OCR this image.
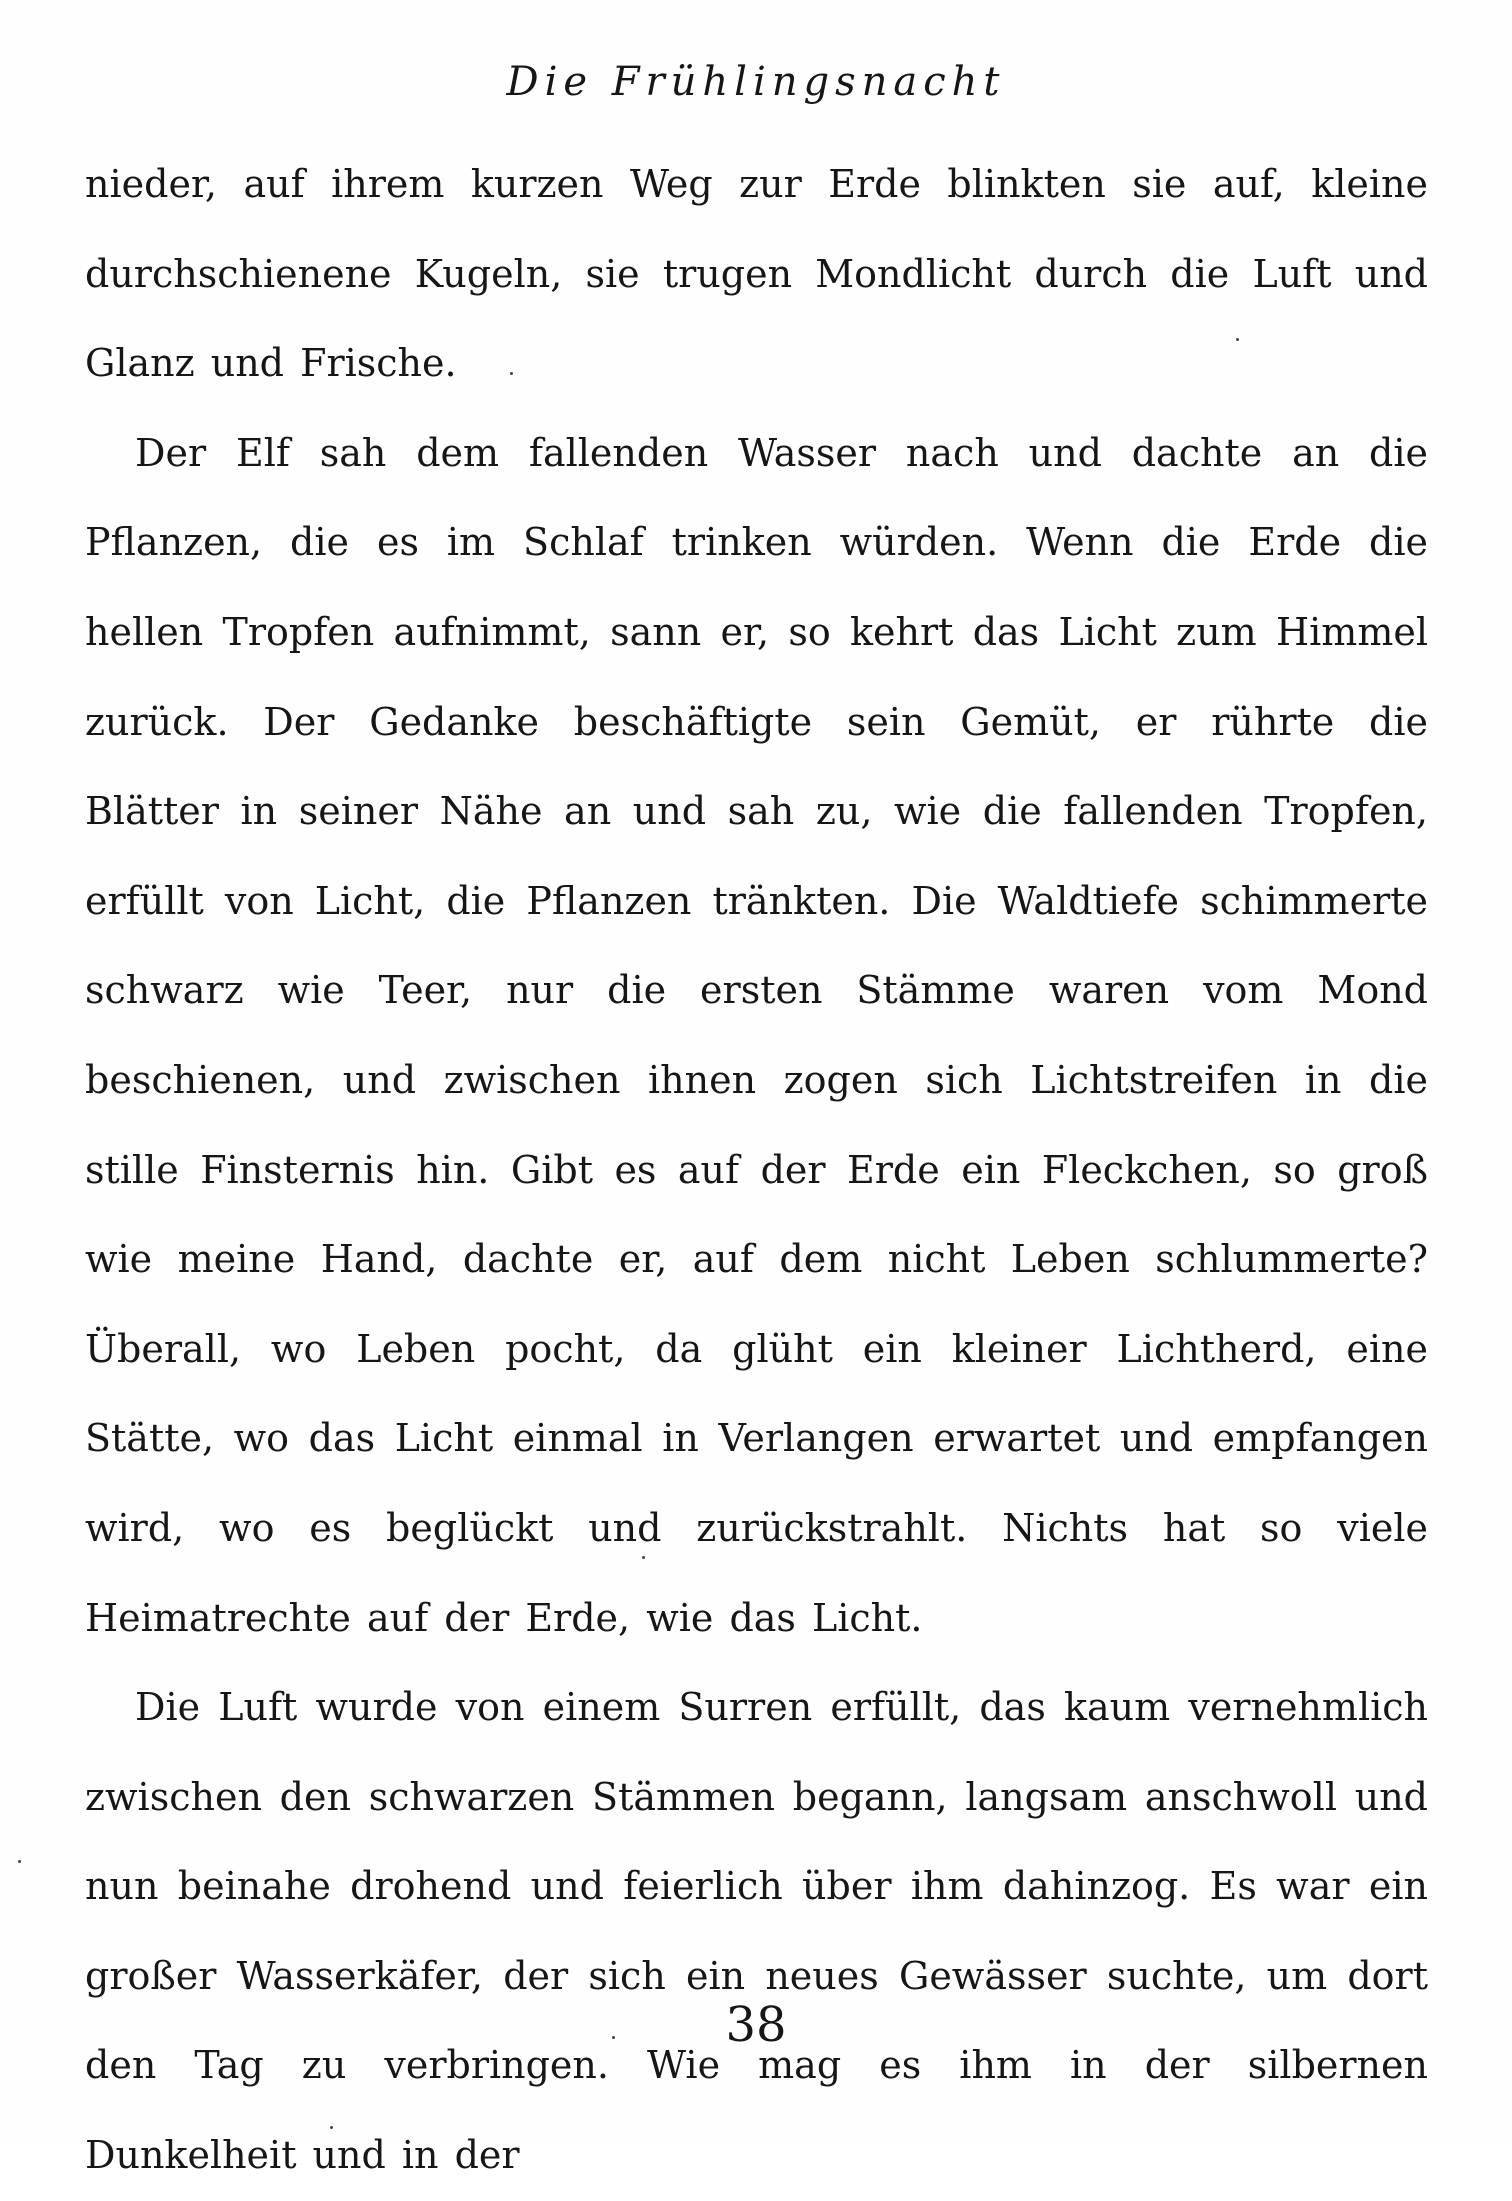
Die Frühlingsnacht

nieder, auf ihrem kurzen Weg zur Erde blinkten sie auf, kleine durchschienene Kugeln, sie trugen Mondlicht durch die Luft und Glanz und Frische.

Der Elf sah dem fallenden Wasser nach und dachte an die Pflanzen, die es im Schlaf trinken würden. Wenn die Erde die hellen Tropfen aufnimmt, sann er, so kehrt das Licht zum Himmel zurück. Der Gedanke beschäftigte sein Gemüt, er rührte die Blätter in seiner Nähe an und sah zu, wie die fallenden Tropfen, erfüllt von Licht, die Pflanzen tränkten. Die Waldtiefe schimmerte schwarz wie Teer, nur die ersten Stämme waren vom Mond beschienen, und zwischen ihnen zogen sich Lichtstreifen in die stille Finsternis hin. Gibt es auf der Erde ein Fleckchen, so groß wie meine Hand, dachte er, auf dem nicht Leben schlummerte? Überall, wo Leben pocht, da glüht ein kleiner Lichtherd, eine Stätte, wo das Licht einmal in Verlangen erwartet und empfangen wird, wo es beglückt und zurückstrahlt. Nichts hat so viele Heimatrechte auf der Erde, wie das Licht.

Die Luft wurde von einem Surren erfüllt, das kaum vernehmlich zwischen den schwarzen Stämmen begann, langsam anschwoll und nun beinahe drohend und feierlich über ihm dahinzog. Es war ein großer Wasserkäfer, der sich ein neues Gewässer suchte, um dort den Tag zu verbringen. Wie mag es ihm in der silbernen Dunkelheit und in der

38
